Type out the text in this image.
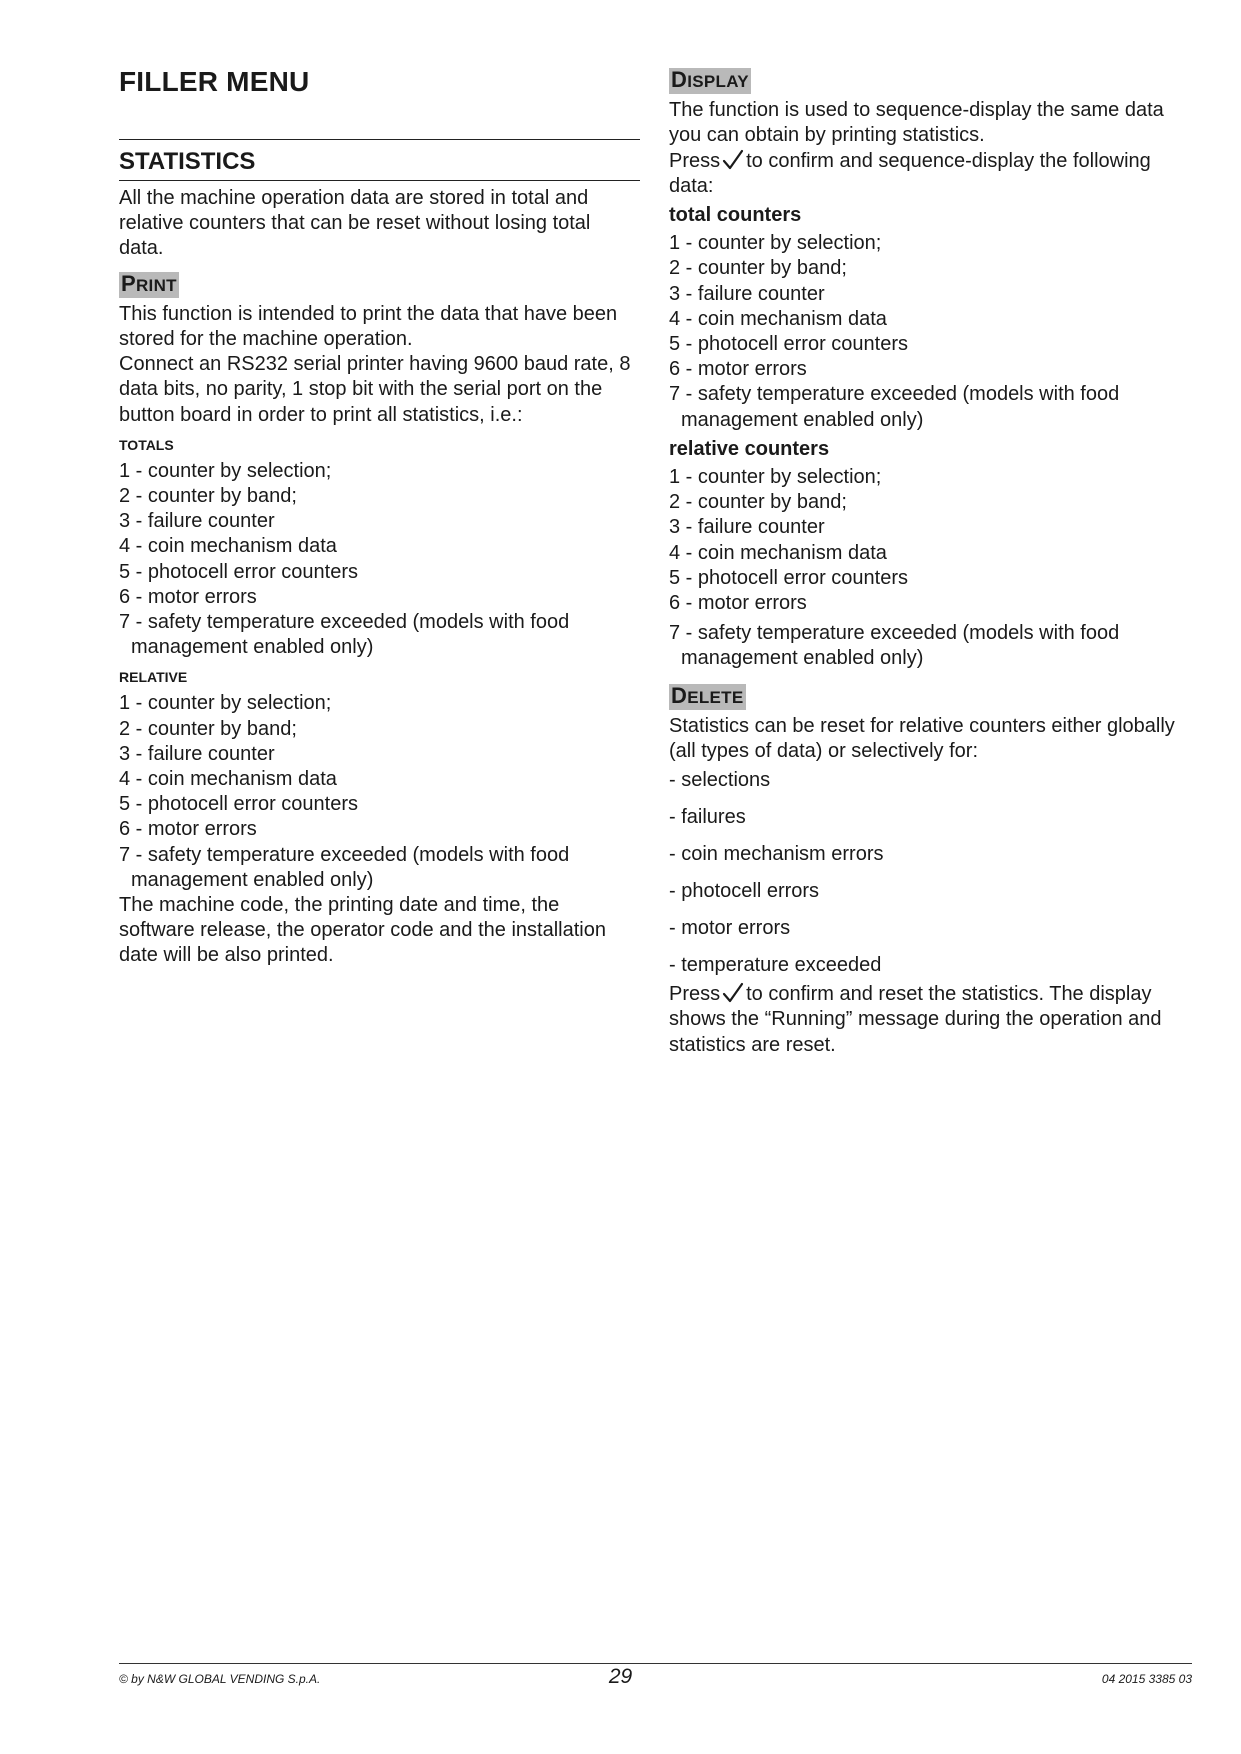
FILLER MENU
STATISTICS

All the machine operation data are stored in total and relative counters that can be reset without losing total data.

PRINT

This function is intended to print the data that have been stored for the machine operation.

Connect an RS232 serial printer having 9600 baud rate, 8 data bits, no parity, 1 stop bit with the serial port on the button board in order to print all statistics, i.e.:

TOTALS
1 - counter by selection;
2 - counter by band;
3 - failure counter
4 - coin mechanism data
5 - photocell error counters
6 - motor errors
7 - safety temperature exceeded (models with food management enabled only)
RELATIVE
1 - counter by selection;
2 - counter by band;
3 - failure counter
4 - coin mechanism data
5 - photocell error counters
6 - motor errors
7 - safety temperature exceeded (models with food management enabled only)

The machine code, the printing date and time, the software release, the operator code and the installation date will be also printed.

DISPLAY

The function is used to sequence-display the same data you can obtain by printing statistics.

Press to confirm and sequence-display the following data:

total counters
1 - counter by selection;
2 - counter by band;
3 - failure counter
4 - coin mechanism data
5 - photocell error counters
6 - motor errors
7 - safety temperature exceeded (models with food management enabled only)
relative counters
1 - counter by selection;
2 - counter by band;
3 - failure counter
4 - coin mechanism data
5 - photocell error counters
6 - motor errors
7 - safety temperature exceeded (models with food management enabled only)
DELETE

Statistics can be reset for relative counters either globally (all types of data) or selectively for:

- selections
- failures
- coin mechanism errors
- photocell errors
- motor errors
- temperature exceeded

Press to confirm and reset the statistics. The display shows the “Running” message during the operation and statistics are reset.

© by N&W GLOBAL VENDING S.p.A.	29	04 2015 3385 03
